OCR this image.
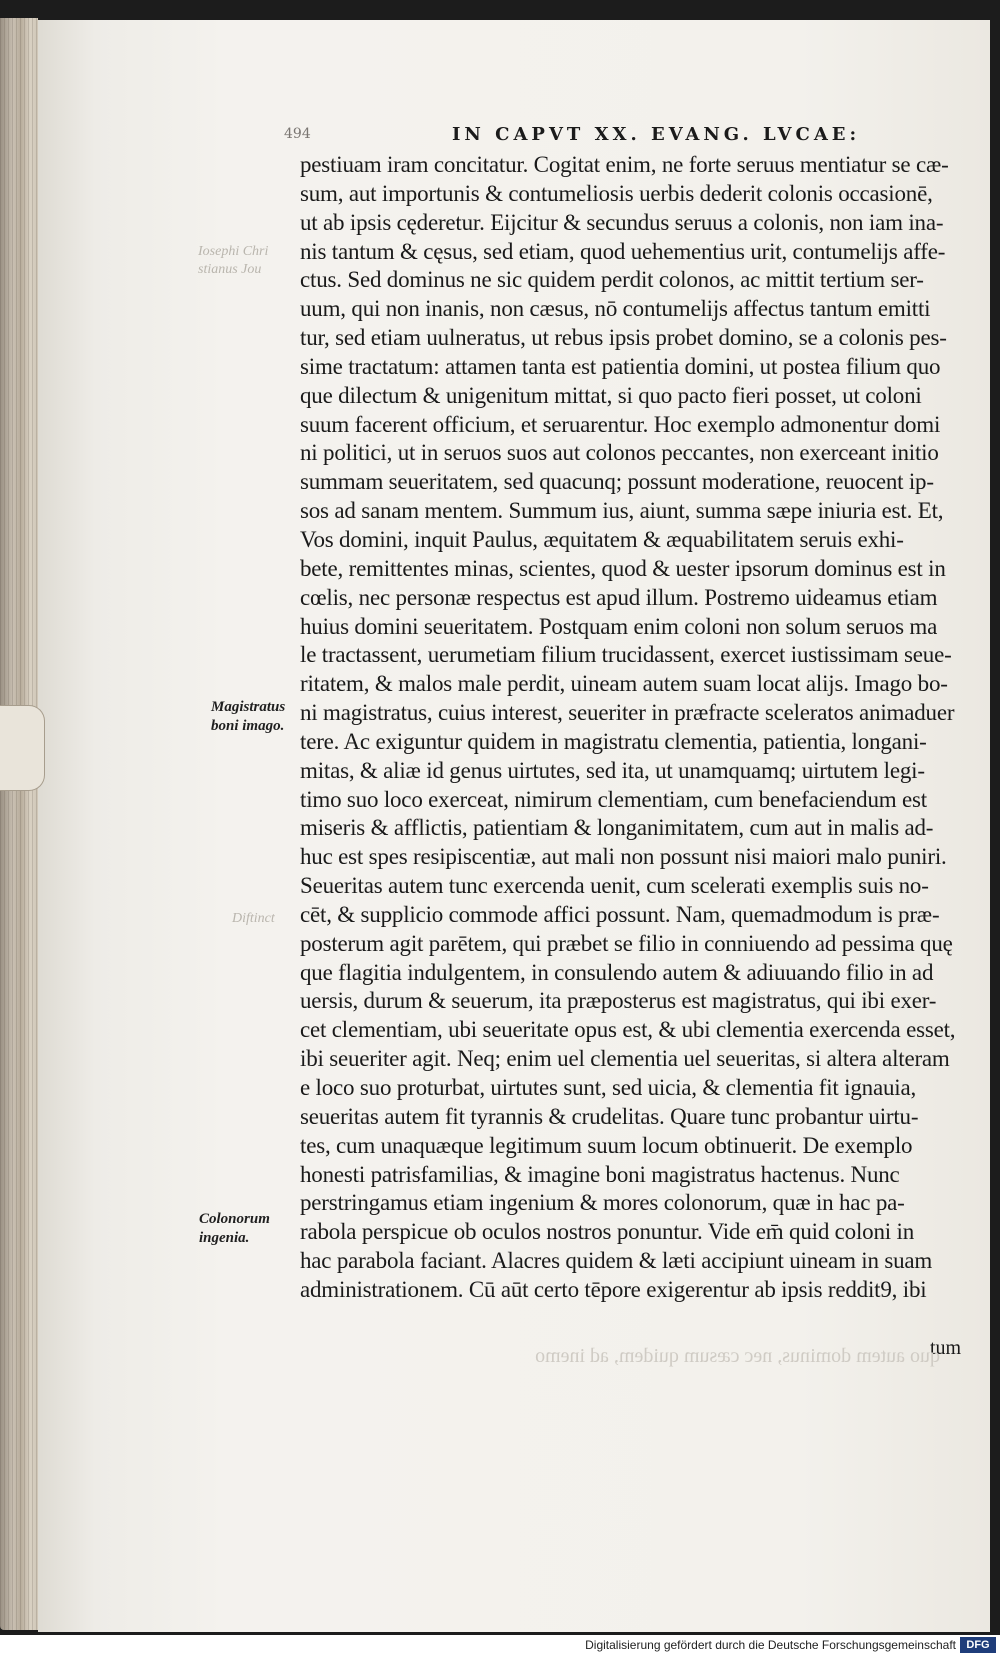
494	IN CAPVT XX. EVANG. LVCAE:
pestiuam iram concitatur. Cogitat enim, ne forte seruus mentiatur se cæ-
sum, aut importunis & contumeliosis uerbis dederit colonis occasionē,
ut ab ipsis cęderetur. Eijcitur & secundus seruus a colonis, non iam ina-
nis tantum & cęsus, sed etiam, quod uehementius urit, contumelijs affe-
ctus. Sed dominus ne sic quidem perdit colonos, ac mittit tertium ser-
uum, qui non inanis, non cæsus, nō contumelijs affectus tantum emitti
tur, sed etiam uulneratus, ut rebus ipsis probet domino, se a colonis pes-
sime tractatum: attamen tanta est patientia domini, ut postea filium quo
que dilectum & unigenitum mittat, si quo pacto fieri posset, ut coloni
suum facerent officium, et seruarentur. Hoc exemplo admonentur domi
ni politici, ut in seruos suos aut colonos peccantes, non exerceant initio
summam seueritatem, sed quacunq; possunt moderatione, reuocent ip-
sos ad sanam mentem. Summum ius, aiunt, summa sæpe iniuria est. Et,
Vos domini, inquit Paulus, æquitatem & æquabilitatem seruis exhi-
bete, remittentes minas, scientes, quod & uester ipsorum dominus est in
cœlis, nec personæ respectus est apud illum. Postremo uideamus etiam
huius domini seueritatem. Postquam enim coloni non solum seruos ma
le tractassent, uerumetiam filium trucidassent, exercet iustissimam seue-
ritatem, & malos male perdit, uineam autem suam locat alijs. Imago bo-
ni magistratus, cuius interest, seueriter in præfracte sceleratos animaduer
tere. Ac exiguntur quidem in magistratu clementia, patientia, longani-
mitas, & aliæ id genus uirtutes, sed ita, ut unamquamq; uirtutem legi-
timo suo loco exerceat, nimirum clementiam, cum benefaciendum est
miseris & afflictis, patientiam & longanimitatem, cum aut in malis ad-
huc est spes resipiscentiæ, aut mali non possunt nisi maiori malo puniri.
Seueritas autem tunc exercenda uenit, cum scelerati exemplis suis no-
cēt, & supplicio commode affici possunt. Nam, quemadmodum is præ-
posterum agit parētem, qui præbet se filio in conniuendo ad pessima quę
que flagitia indulgentem, in consulendo autem & adiuuando filio in ad
uersis, durum & seuerum, ita præposterus est magistratus, qui ibi exer-
cet clementiam, ubi seueritate opus est, & ubi clementia exercenda esset,
ibi seueriter agit. Neq; enim uel clementia uel seueritas, si altera alteram
e loco suo proturbat, uirtutes sunt, sed uicia, & clementia fit ignauia,
seueritas autem fit tyrannis & crudelitas. Quare tunc probantur uirtu-
tes, cum unaquæque legitimum suum locum obtinuerit. De exemplo
honesti patrisfamilias, & imagine boni magistratus hactenus. Nunc
perstringamus etiam ingenium & mores colonorum, quæ in hac pa-
rabola perspicue ob oculos nostros ponuntur. Vide em̄ quid coloni in
hac parabola faciant. Alacres quidem & læti accipiunt uineam in suam
administrationem. Cū aūt certo tēpore exigerentur ab ipsis reddit9, ibi
tum
Magistratus
boni imago.
Colonorum
ingenia.
Iosephi Chri
stianus Jou
Diftinct
quo autem dominus, nec cæsum quidem, ad inemo
Digitalisierung gefördert durch die Deutsche Forschungsgemeinschaft DFG
